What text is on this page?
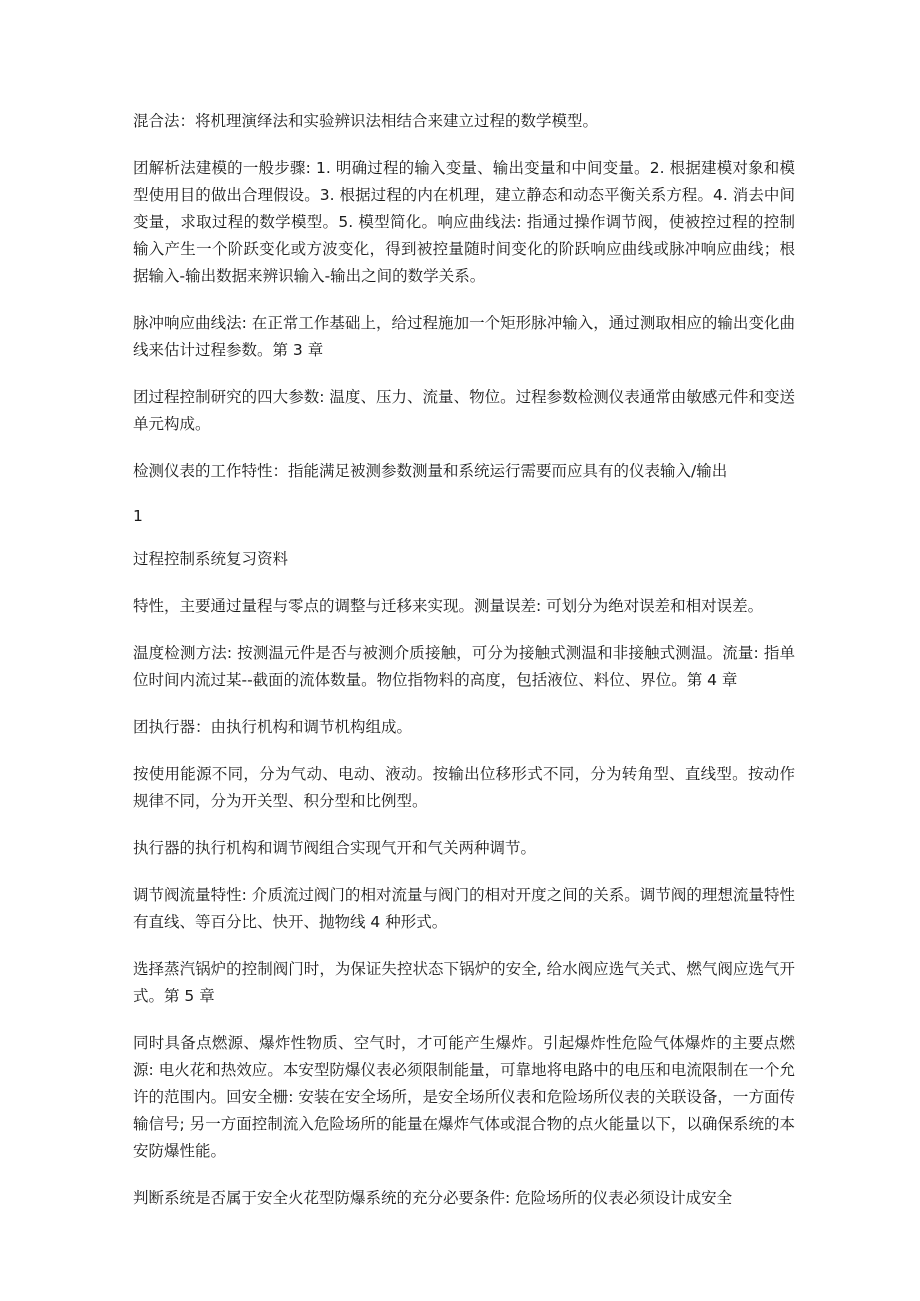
混合法：将机理演绎法和实验辨识法相结合来建立过程的数学模型。

团解析法建模的一般步骤: 1. 明确过程的输入变量、输出变量和中间变量。2. 根据建模对象和模型使用目的做出合理假设。3. 根据过程的内在机理，建立静态和动态平衡关系方程。4. 消去中间变量，求取过程的数学模型。5. 模型简化。响应曲线法: 指通过操作调节阀，使被控过程的控制输入产生一个阶跃变化或方波变化，得到被控量随时间变化的阶跃响应曲线或脉冲响应曲线；根据输入-输出数据来辨识输入-输出之间的数学关系。

脉冲响应曲线法: 在正常工作基础上，给过程施加一个矩形脉冲输入，通过测取相应的输出变化曲线来估计过程参数。第 3 章

团过程控制研究的四大参数: 温度、压力、流量、物位。过程参数检测仪表通常由敏感元件和变送单元构成。

检测仪表的工作特性：指能满足被测参数测量和系统运行需要而应具有的仪表输入/输出

1
过程控制系统复习资料

特性，主要通过量程与零点的调整与迁移来实现。测量误差: 可划分为绝对误差和相对误差。

温度检测方法: 按测温元件是否与被测介质接触，可分为接触式测温和非接触式测温。流量: 指单位时间内流过某--截面的流体数量。物位指物料的高度，包括液位、料位、界位。第 4 章

团执行器：由执行机构和调节机构组成。

按使用能源不同，分为气动、电动、液动。按输出位移形式不同，分为转角型、直线型。按动作规律不同，分为开关型、积分型和比例型。

执行器的执行机构和调节阀组合实现气开和气关两种调节。

调节阀流量特性: 介质流过阀门的相对流量与阀门的相对开度之间的关系。调节阀的理想流量特性有直线、等百分比、快开、抛物线 4 种形式。

选择蒸汽锅炉的控制阀门时，为保证失控状态下锅炉的安全, 给水阀应选气关式、燃气阀应选气开式。第 5 章

同时具备点燃源、爆炸性物质、空气时，才可能产生爆炸。引起爆炸性危险气体爆炸的主要点燃源: 电火花和热效应。本安型防爆仪表必须限制能量，可靠地将电路中的电压和电流限制在一个允许的范围内。回安全栅: 安装在安全场所，是安全场所仪表和危险场所仪表的关联设备，一方面传输信号; 另一方面控制流入危险场所的能量在爆炸气体或混合物的点火能量以下，以确保系统的本安防爆性能。

判断系统是否属于安全火花型防爆系统的充分必要条件: 危险场所的仪表必须设计成安全
